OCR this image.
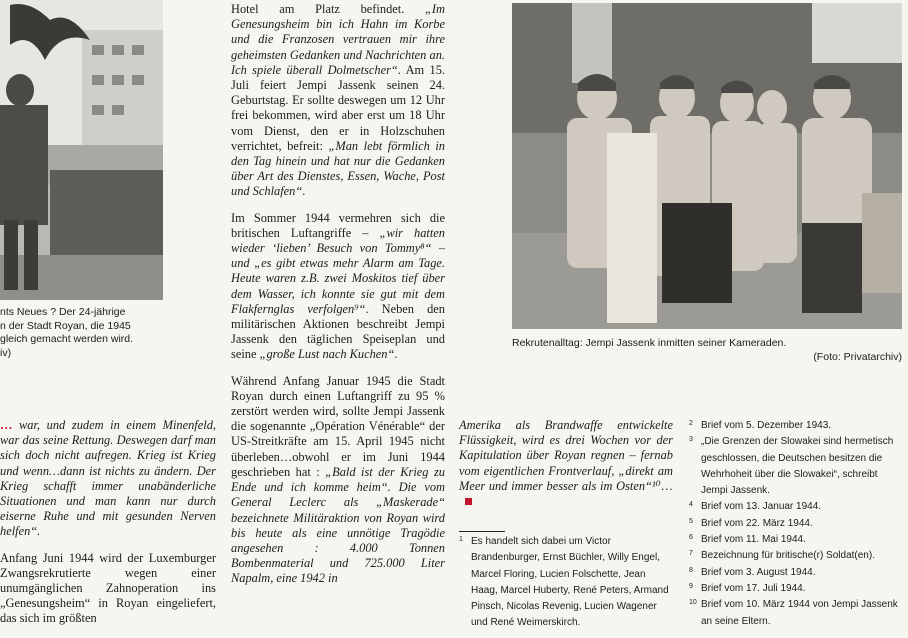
nts Neues ? Der 24-jährige
n der Stadt Royan, die 1945
gleich gemacht werden wird.
iv)

… war, und zudem in einem Minenfeld, war das seine Rettung. Deswegen darf man sich doch nicht aufregen. Krieg ist Krieg und wenn…dann ist nichts zu ändern. Der Krieg schafft immer unabänderliche Situationen und man kann nur durch eiserne Ruhe und mit gesunden Nerven helfen“.

Anfang Juni 1944 wird der Luxemburger Zwangsrekrutierte wegen einer unumgänglichen Zahnoperation ins „Genesungsheim“ in Royan eingeliefert, das sich im größten

Hotel am Platz befindet. „Im Genesungsheim bin ich Hahn im Korbe und die Franzosen vertrauen mir ihre geheimsten Gedanken und Nachrichten an. Ich spiele überall Dolmetscher“. Am 15. Juli feiert Jempi Jassenk seinen 24. Geburtstag. Er sollte deswegen um 12 Uhr frei bekommen, wird aber erst um 18 Uhr vom Dienst, den er in Holzschuhen verrichtet, befreit: „Man lebt förmlich in den Tag hinein und hat nur die Gedanken über Art des Dienstes, Essen, Wache, Post und Schlafen“.

Im Sommer 1944 vermehren sich die britischen Luftangriffe – „wir hatten wieder ‘lieben’ Besuch von Tommy⁸“ – und „es gibt etwas mehr Alarm am Tage. Heute waren z.B. zwei Moskitos tief über dem Wasser, ich konnte sie gut mit dem Flakfernglas verfolgen⁹“. Neben den militärischen Aktionen beschreibt Jempi Jassenk den täglichen Speiseplan und seine „große Lust nach Kuchen“.

Während Anfang Januar 1945 die Stadt Royan durch einen Luftangriff zu 95 % zerstört werden wird, sollte Jempi Jassenk die sogenannte „Opération Vénérable“ der US-Streitkräfte am 15. April 1945 nicht überleben…obwohl er im Juni 1944 geschrieben hat : „Bald ist der Krieg zu Ende und ich komme heim“. Die vom General Leclerc als „Maskerade“ bezeichnete Militäraktion von Royan wird bis heute als eine unnötige Tragödie angesehen : 4.000 Tonnen Bombenmaterial und 725.000 Liter Napalm, eine 1942 in

Rekrutenalltag: Jempi Jassenk inmitten seiner Kameraden.
(Foto: Privatarchiv)

Amerika als Brandwaffe entwickelte Flüssigkeit, wird es drei Wochen vor der Kapitulation über Royan regnen – fernab vom eigentlichen Frontverlauf, „direkt am Meer und immer besser als im Osten“¹⁰…

1 Es handelt sich dabei um Victor Brandenburger, Ernst Büchler, Willy Engel, Marcel Floring, Lucien Folschette, Jean Haag, Marcel Huberty, René Peters, Armand Pinsch, Nicolas Revenig, Lucien Wagener und René Weimerskirch.
2 Brief vom 5. Dezember 1943.
3 „Die Grenzen der Slowakei sind hermetisch geschlossen, die Deutschen besitzen die Wehrhoheit über die Slowakei“, schreibt Jempi Jassenk.
4 Brief vom 13. Januar 1944.
5 Brief vom 22. März 1944.
6 Brief vom 11. Mai 1944.
7 Bezeichnung für britische(r) Soldat(en).
8 Brief vom 3. August 1944.
9 Brief vom 17. Juli 1944.
10 Brief vom 10. März 1944 von Jempi Jassenk an seine Eltern.
